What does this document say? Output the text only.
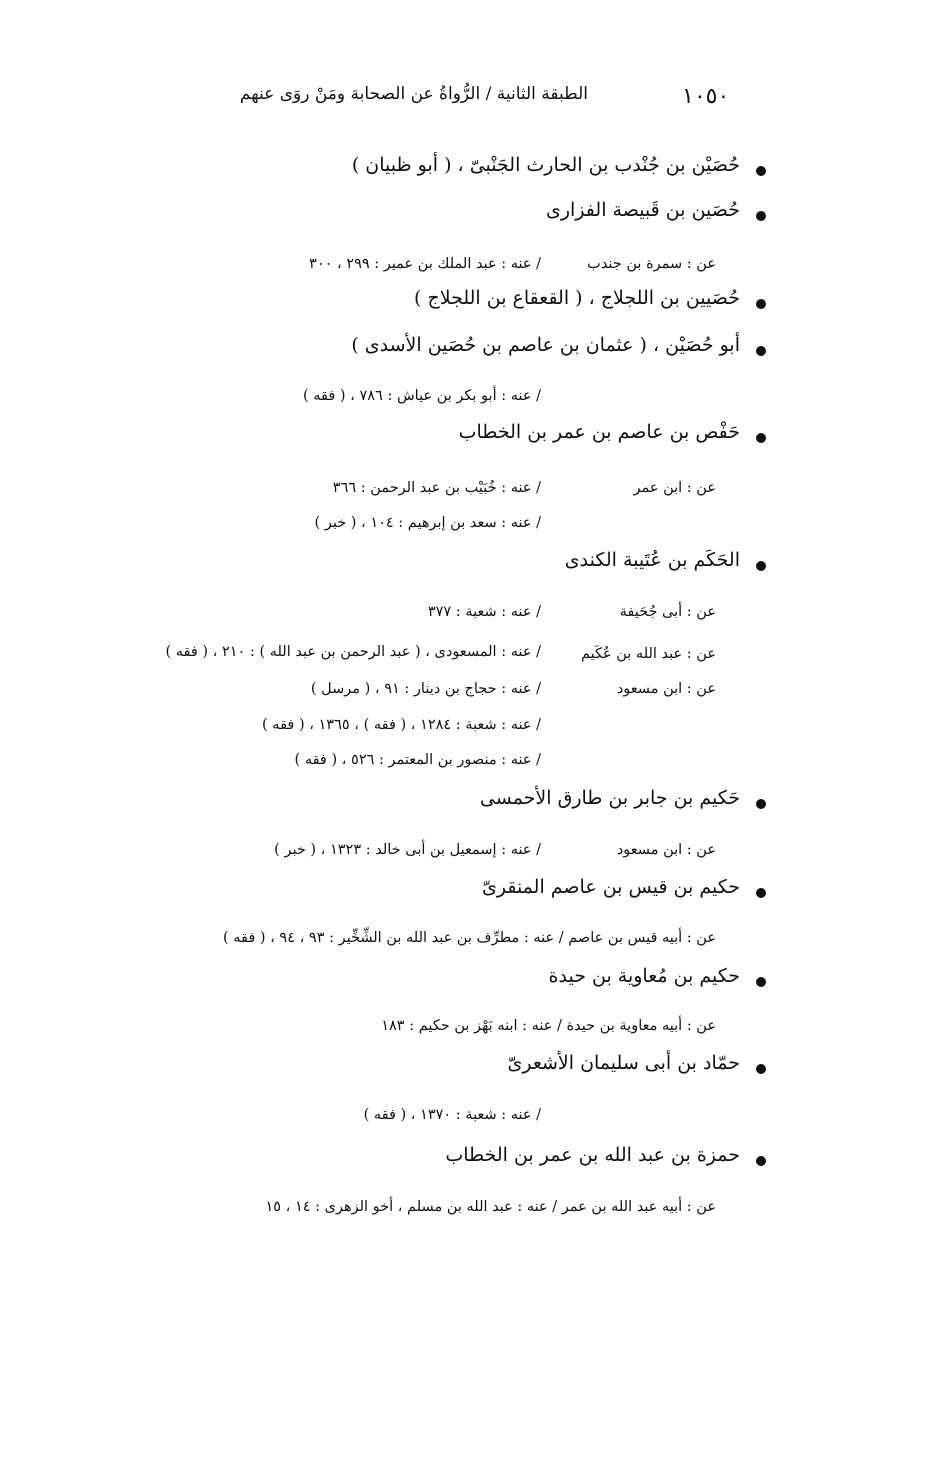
١٠٥٠
الطبقة الثانية / الرُّواةُ عن الصحابة ومَنْ روَى عنهم
حُصَيْن بن جُنْدب بن الحارث الجَنْبىّ ، ( أبو ظبيان )
حُصَين بن قَبيصة الفزارى
عن : سمرة بن جندب
/ عنه : عبد الملك بن عمير : ٢٩٩ ، ٣٠٠
حُصَيين بن اللجلاج ، ( القعقاع بن اللجلاج )
أبو حُصَيْن ، ( عثمان بن عاصم بن حُصَين الأسدى )
/ عنه : أبو بكر بن عياش : ٧٨٦ ، ( فقه )
حَفْص بن عاصم بن عمر بن الخطاب
عن : ابن عمر
/ عنه : خُبَيْب بن عبد الرحمن : ٣٦٦
/ عنه : سعد بن إبرهيم : ١٠٤ ، ( خبر )
الحَكَم بن عُتَيبة الكندى
عن : أبى جُحَيفة
/ عنه : شعبة : ٣٧٧
عن : عبد الله بن عُكَيم
/ عنه : المسعودى ، ( عبد الرحمن بن عبد الله ) : ٢١٠ ، ( فقه )
عن : ابن مسعود
/ عنه : حجاج بن دينار : ٩١ ، ( مرسل )
/ عنه : شعبة : ١٢٨٤ ، ( فقه ) ، ١٣٦٥ ، ( فقه )
/ عنه : منصور بن المعتمر : ٥٢٦ ، ( فقه )
حَكيم بن جابر بن طارق الأحمسى
عن : ابن مسعود
/ عنه : إسمعيل بن أبى خالد : ١٣٢٣ ، ( خبر )
حكيم بن قيس بن عاصم المنقرىّ
عن : أبيه قيس بن عاصم / عنه : مطرِّف بن عبد الله بن الشِّخِّير : ٩٣ ، ٩٤ ، ( فقه )
حكيم بن مُعاوية بن حيدة
عن : أبيه معاوية بن حيدة / عنه : ابنه بَهْز بن حكيم : ١٨٣
حمّاد بن أبى سليمان الأشعرىّ
/ عنه : شعبة : ١٣٧٠ ، ( فقه )
حمزة بن عبد الله بن عمر بن الخطاب
عن : أبيه عبد الله بن عمر / عنه : عبد الله بن مسلم ، أخو الزهرى : ١٤ ، ١٥
